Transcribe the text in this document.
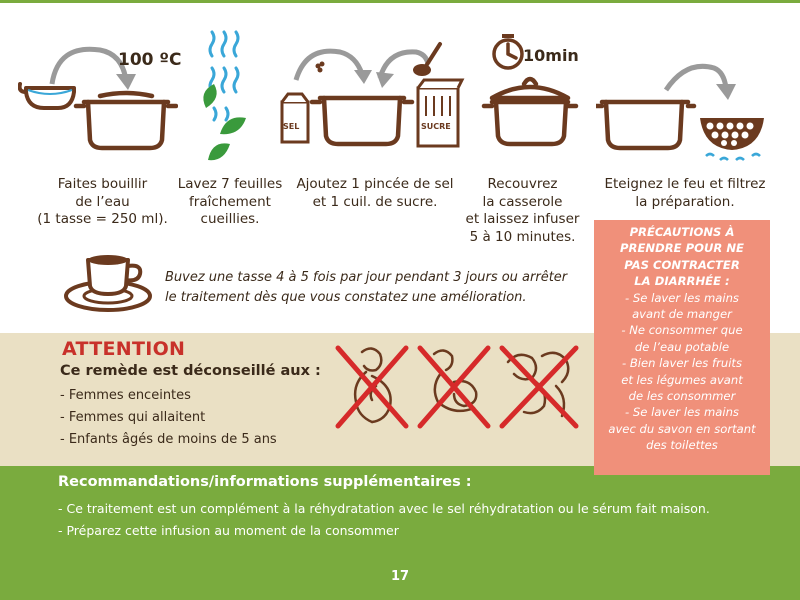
100 ºC
Faites bouillir
de l’eau
(1 tasse = 250 ml).
Lavez 7 feuilles
fraîchement
cueillies.
SEL	SUCRE
Ajoutez 1 pincée de sel
et 1 cuil. de sucre.
10min
Recouvrez
la casserole
et laissez infuser
5 à 10 minutes.
Eteignez le feu et filtrez
la préparation.
Buvez une tasse 4 à 5 fois par jour pendant 3 jours ou arrêter
le traitement dès que vous constatez une amélioration.
ATTENTION
Ce remède est déconseillé aux :
- Femmes enceintes
- Femmes qui allaitent
- Enfants âgés de moins de 5 ans
Recommandations/informations supplémentaires :
- Ce traitement est un complément à la réhydratation avec le sel réhydratation ou le sérum fait maison.
- Préparez cette infusion au moment de la consommer
17
PRÉCAUTIONS À
PRENDRE POUR NE
PAS CONTRACTER
LA DIARRHÉE :
- Se laver les mains
avant de manger
- Ne consommer que
de l’eau potable
- Bien laver les fruits
et les légumes avant
de les consommer
- Se laver les mains
avec du savon en sortant
des toilettes
